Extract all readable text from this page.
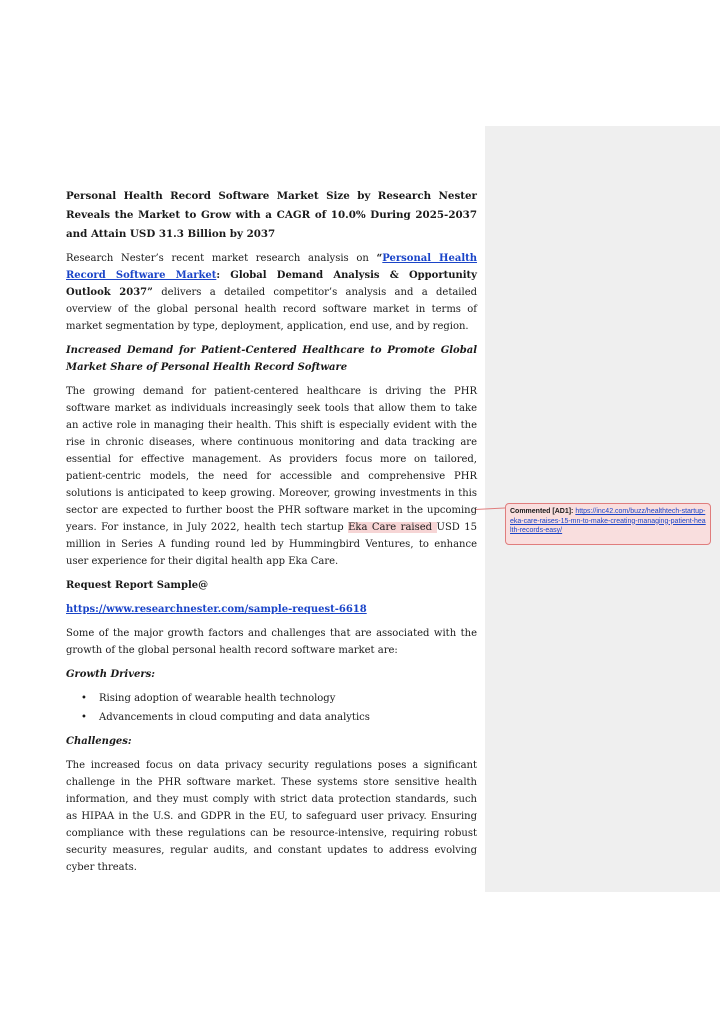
Personal Health Record Software Market Size by Research Nester Reveals the Market to Grow with a CAGR of 10.0% During 2025-2037 and Attain USD 31.3 Billion by 2037

Research Nester’s recent market research analysis on “Personal Health Record Software Market: Global Demand Analysis & Opportunity Outlook 2037” delivers a detailed competitor’s analysis and a detailed overview of the global personal health record software market in terms of market segmentation by type, deployment, application, end use, and by region.

Increased Demand for Patient-Centered Healthcare to Promote Global Market Share of Personal Health Record Software

The growing demand for patient-centered healthcare is driving the PHR software market as individuals increasingly seek tools that allow them to take an active role in managing their health. This shift is especially evident with the rise in chronic diseases, where continuous monitoring and data tracking are essential for effective management. As providers focus more on tailored, patient-centric models, the need for accessible and comprehensive PHR solutions is anticipated to keep growing. Moreover, growing investments in this sector are expected to further boost the PHR software market in the upcoming years. For instance, in July 2022, health tech startup Eka Care raised USD 15 million in Series A funding round led by Hummingbird Ventures, to enhance user experience for their digital health app Eka Care.

Request Report Sample@

https://www.researchnester.com/sample-request-6618

Some of the major growth factors and challenges that are associated with the growth of the global personal health record software market are:

Growth Drivers:
• Rising adoption of wearable health technology
• Advancements in cloud computing and data analytics
Challenges:

The increased focus on data privacy security regulations poses a significant challenge in the PHR software market. These systems store sensitive health information, and they must comply with strict data protection standards, such as HIPAA in the U.S. and GDPR in the EU, to safeguard user privacy. Ensuring compliance with these regulations can be resource-intensive, requiring robust security measures, regular audits, and constant updates to address evolving cyber threats.

Commented [AD1]: https://inc42.com/buzz/healthtech-startup-eka-care-raises-15-mn-to-make-creating-managing-patient-health-records-easy/
